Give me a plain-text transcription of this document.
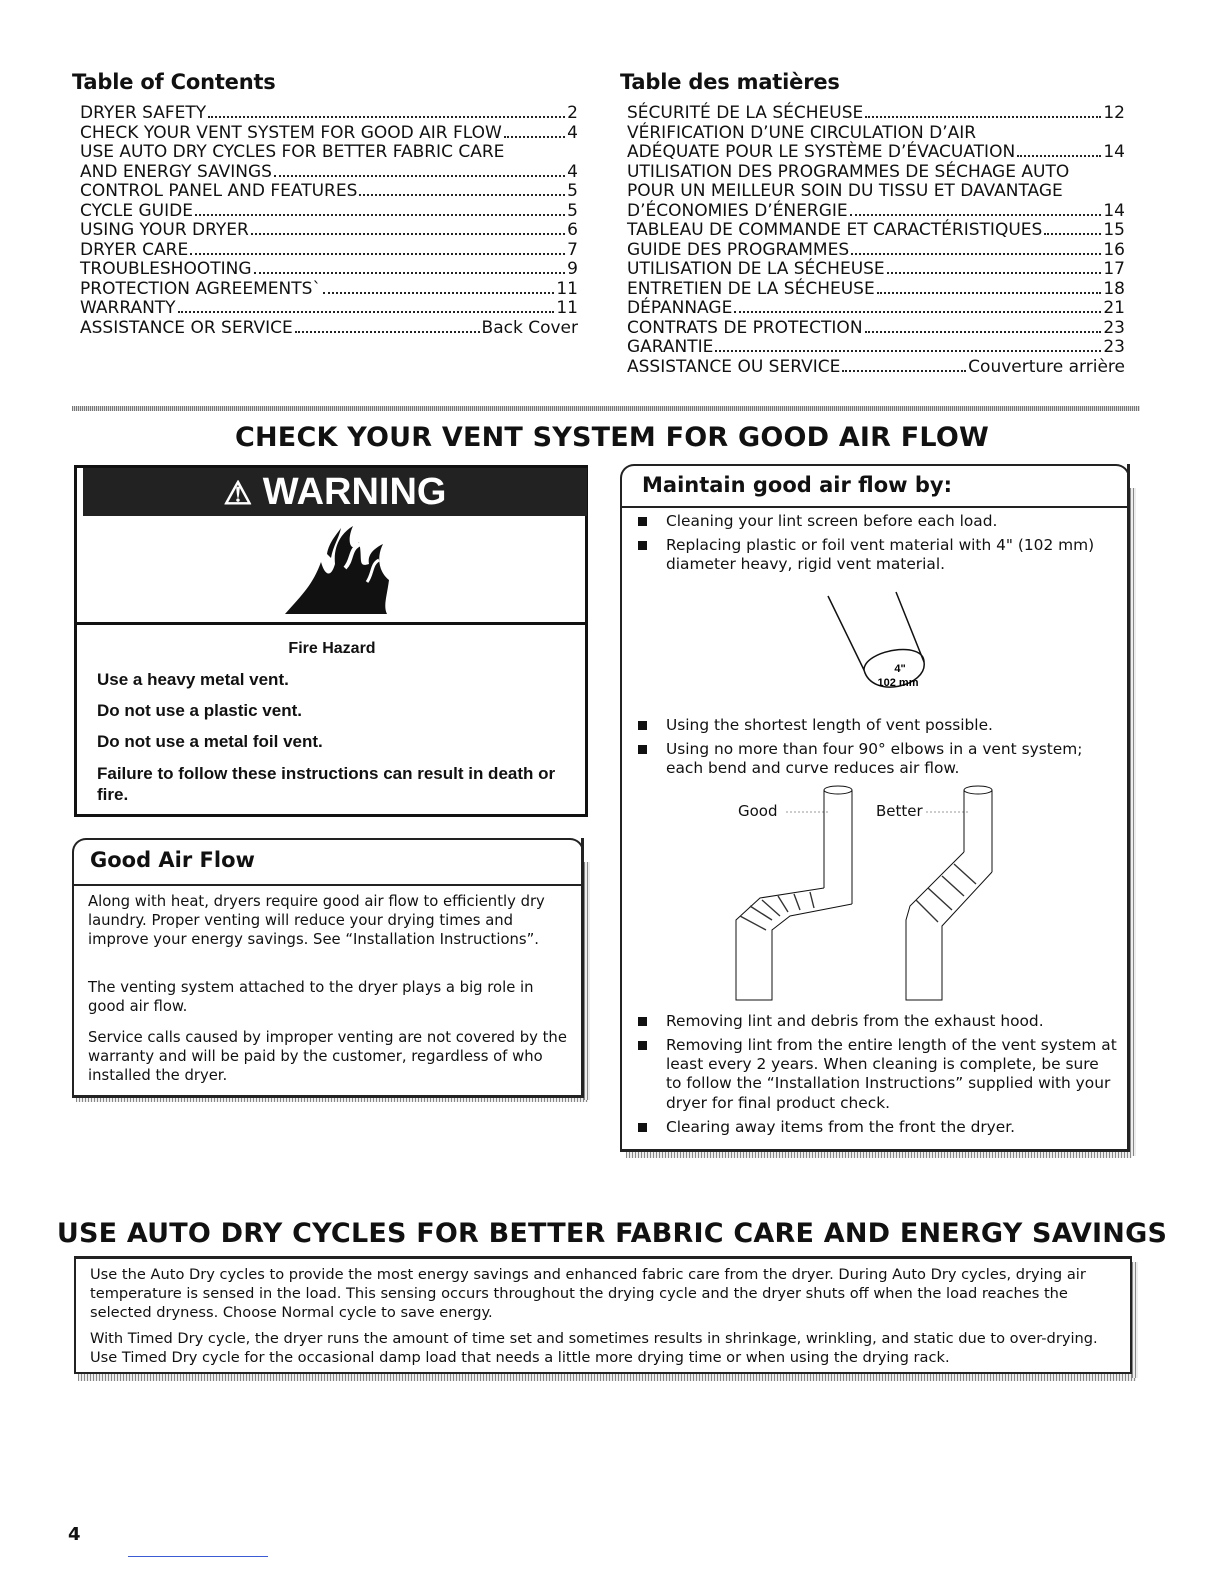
Table of Contents
DRYER SAFETY	2
CHECK YOUR VENT SYSTEM FOR GOOD AIR FLOW	4
USE AUTO DRY CYCLES FOR BETTER FABRIC CARE
AND ENERGY SAVINGS	4
CONTROL PANEL AND FEATURES	5
CYCLE GUIDE	5
USING YOUR DRYER	6
DRYER CARE	7
TROUBLESHOOTING	9
PROTECTION AGREEMENTS`	11
WARRANTY	11
ASSISTANCE OR SERVICE	Back Cover
Table des matières
SÉCURITÉ DE LA SÉCHEUSE	12
VÉRIFICATION D’UNE CIRCULATION D’AIR
ADÉQUATE POUR LE SYSTÈME D’ÉVACUATION	14
UTILISATION DES PROGRAMMES DE SÉCHAGE AUTO
POUR UN MEILLEUR SOIN DU TISSU ET DAVANTAGE
D’ÉCONOMIES D’ÉNERGIE	14
TABLEAU DE COMMANDE ET CARACTÉRISTIQUES	15
GUIDE DES PROGRAMMES	16
UTILISATION DE LA SÉCHEUSE	17
ENTRETIEN DE LA SÉCHEUSE	18
DÉPANNAGE	21
CONTRATS DE PROTECTION	23
GARANTIE	23
ASSISTANCE OU SERVICE	Couverture arrière
CHECK YOUR VENT SYSTEM FOR GOOD AIR FLOW
⚠ WARNING
Fire Hazard
Use a heavy metal vent.
Do not use a plastic vent.
Do not use a metal foil vent.
Failure to follow these instructions can result in death or fire.
Good Air Flow
Along with heat, dryers require good air flow to efficiently dry laundry. Proper venting will reduce your drying times and improve your energy savings. See “Installation Instructions”.
The venting system attached to the dryer plays a big role in good air flow.
Service calls caused by improper venting are not covered by the warranty and will be paid by the customer, regardless of who installed the dryer.
Maintain good air flow by:
Cleaning your lint screen before each load.
Replacing plastic or foil vent material with 4" (102 mm) diameter heavy, rigid vent material.
4"
102 mm
Using the shortest length of vent possible.
Using no more than four 90° elbows in a vent system; each bend and curve reduces air flow.
Good	Better
Removing lint and debris from the exhaust hood.
Removing lint from the entire length of the vent system at least every 2 years. When cleaning is complete, be sure to follow the “Installation Instructions” supplied with your dryer for final product check.
Clearing away items from the front the dryer.
USE AUTO DRY CYCLES FOR BETTER FABRIC CARE AND ENERGY SAVINGS
Use the Auto Dry cycles to provide the most energy savings and enhanced fabric care from the dryer. During Auto Dry cycles, drying air temperature is sensed in the load. This sensing occurs throughout the drying cycle and the dryer shuts off when the load reaches the selected dryness. Choose Normal cycle to save energy.
With Timed Dry cycle, the dryer runs the amount of time set and sometimes results in shrinkage, wrinkling, and static due to over-drying. Use Timed Dry cycle for the occasional damp load that needs a little more drying time or when using the drying rack.
4
